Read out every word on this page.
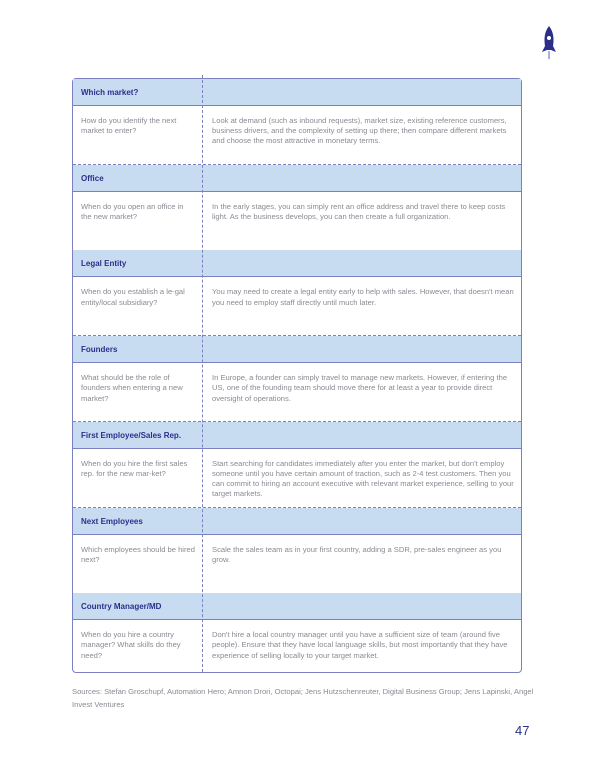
Which market?
How do you identify the next market to enter?
Look at demand (such as inbound requests), market size, existing reference customers, business drivers, and the complexity of setting up there; then compare different markets and choose the most attractive in monetary terms.
Office
When do you open an office in the new market?
In the early stages, you can simply rent an office address and travel there to keep costs light. As the business develops, you can then create a full organization.
Legal Entity
When do you establish a le-gal entity/local subsidiary?
You may need to create a legal entity early to help with sales. However, that doesn't mean you need to employ staff directly until much later.
Founders
What should be the role of founders when entering a new market?
In Europe, a founder can simply travel to manage new markets. However, if entering the US, one of the founding team should move there for at least a year to provide direct oversight of operations.
First Employee/Sales Rep.
When do you hire the first sales rep. for the new mar-ket?
Start searching for candidates immediately after you enter the market, but don't employ someone until you have certain amount of traction, such as 2-4 test customers. Then you can commit to hiring an account executive with relevant market experience, selling to your target markets.
Next Employees
Which employees should be hired next?
Scale the sales team as in your first country, adding a SDR, pre-sales engineer as you grow.
Country Manager/MD
When do you hire a country manager? What skills do they need?
Don't hire a local country manager until you have a sufficient size of team (around five people). Ensure that they have local language skills, but most importantly that they have experience of selling locally to your target market.
Sources: Stefan Groschupf, Automation Hero; Amnon Drori, Octopai; Jens Hutzschenreuter, Digital Business Group; Jens Lapinski, Angel Invest Ventures
47
